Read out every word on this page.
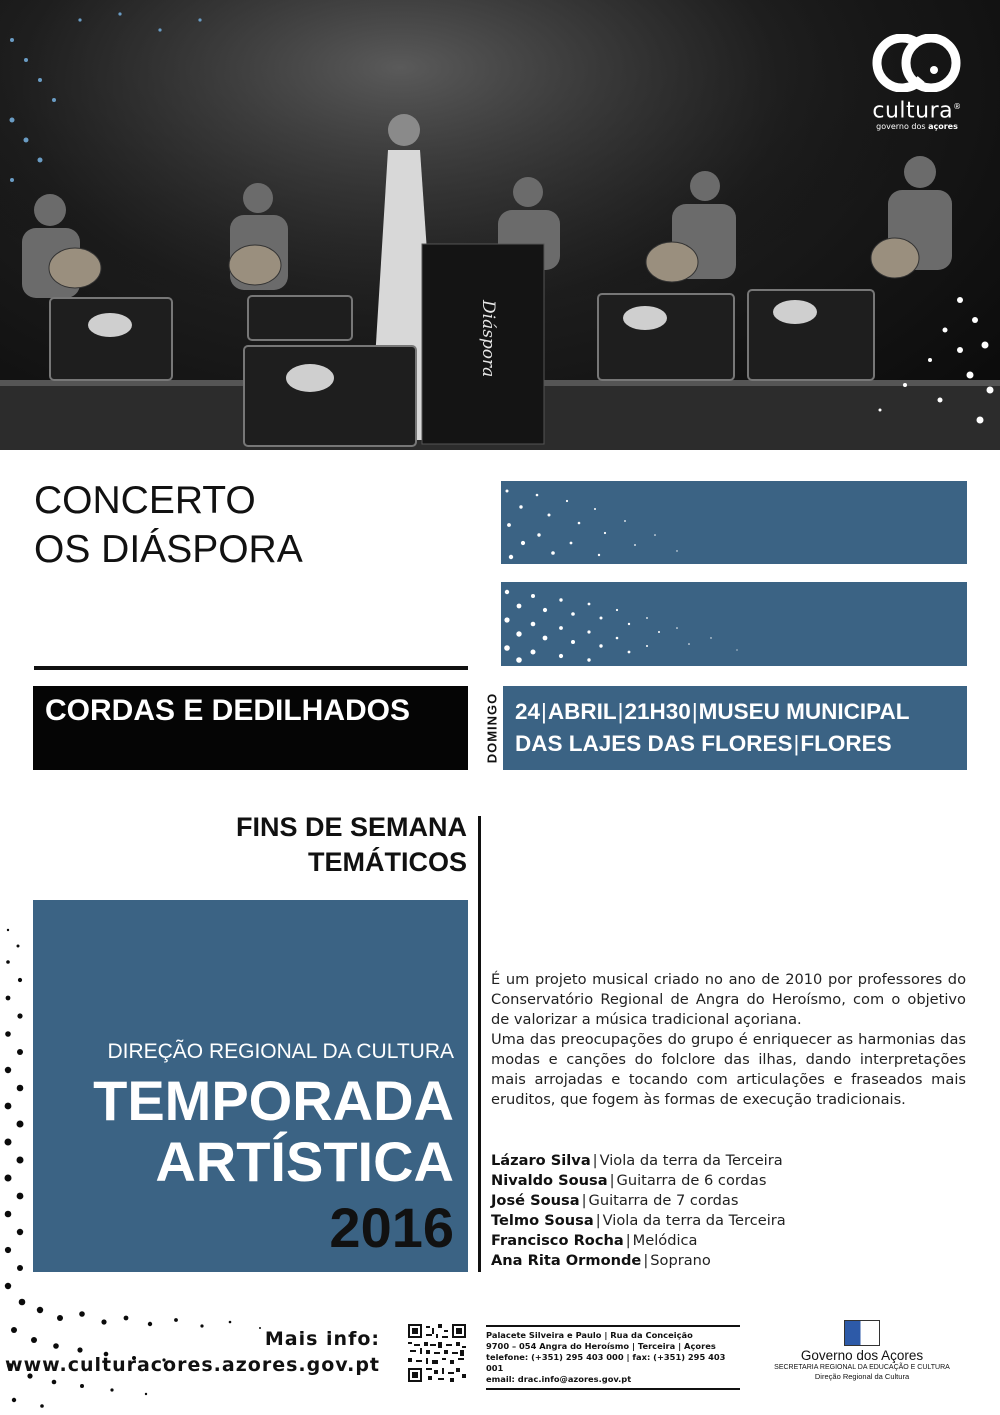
Diáspora
cultura®
governo dos açores
CONCERTO
OS DIÁSPORA
CORDAS E DEDILHADOS	DOMINGO 24|ABRIL|21H30|MUSEU MUNICIPAL
DAS LAJES DAS FLORES|FLORES
FINS DE SEMANA
TEMÁTICOS
DIREÇÃO REGIONAL DA CULTURA
TEMPORADA
ARTÍSTICA
2016

É um projeto musical criado no ano de 2010 por professores do Conservatório Regional de Angra do Heroísmo, com o objetivo de valorizar a música tradicional açoriana.

Uma das preocupações do grupo é enriquecer as harmonias das modas e canções do folclore das ilhas, dando interpretações mais arrojadas e tocando com articulações e fraseados mais eruditos, que fogem às formas de execução tradicionais.

Lázaro Silva | Viola da terra da Terceira
Nivaldo Sousa | Guitarra de 6 cordas
José Sousa | Guitarra de 7 cordas
Telmo Sousa | Viola da terra da Terceira
Francisco Rocha | Melódica
Ana Rita Ormonde | Soprano
Mais info:
www.culturacores.azores.gov.pt
Palacete Silveira e Paulo | Rua da Conceição
9700 – 054 Angra do Heroísmo | Terceira | Açores
telefone: (+351) 295 403 000 | fax: (+351) 295 403 001
email: drac.info@azores.gov.pt
Governo dos Açores
SECRETARIA REGIONAL DA EDUCAÇÃO E CULTURA
Direção Regional da Cultura
